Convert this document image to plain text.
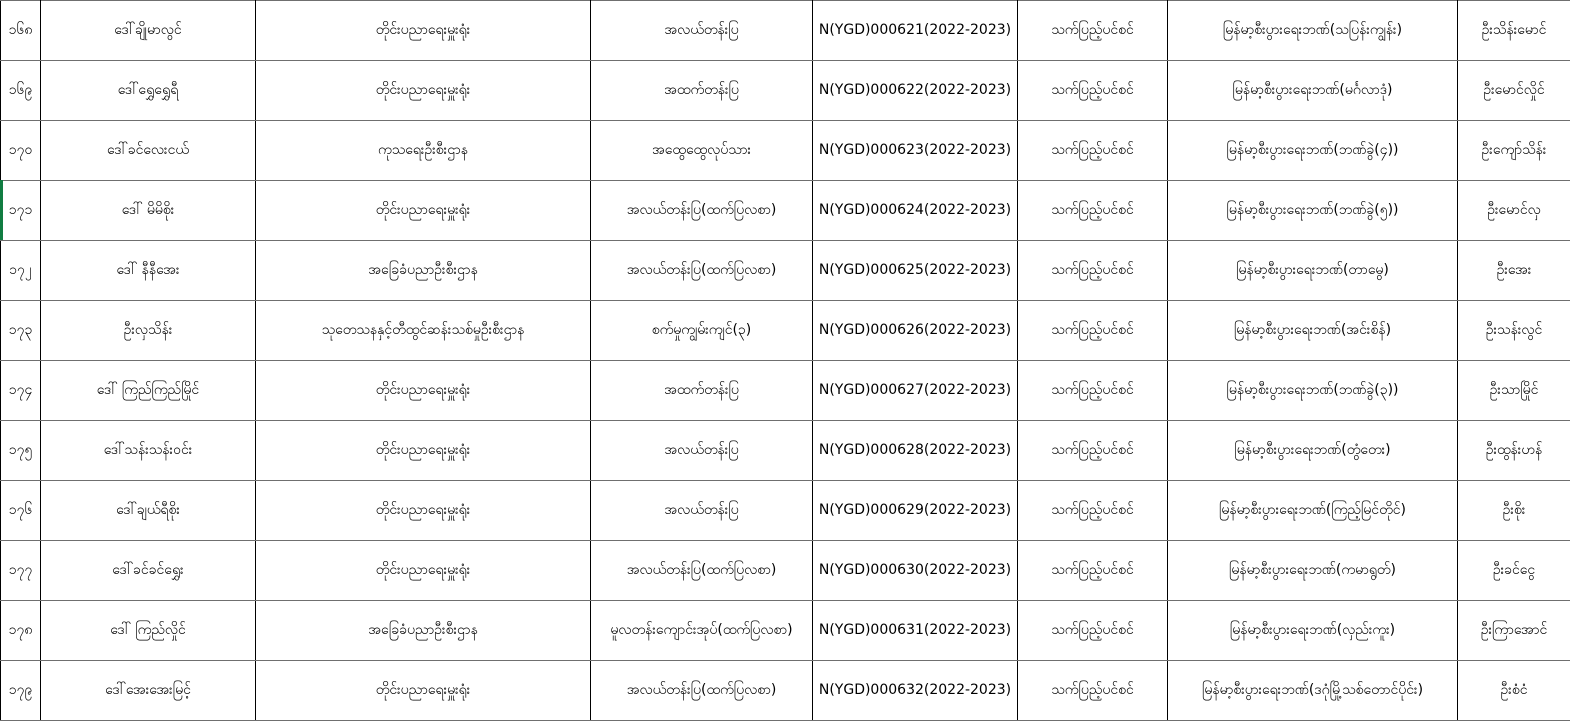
၁၆၈	ဒေါ်ချိုမာလွင်	တိုင်းပညာရေးမှူးရုံး	အလယ်တန်းပြ	N(YGD)000621(2022-2023)	သက်ပြည့်ပင်စင်	မြန်မာ့စီးပွားရေးဘဏ်(သပြန်းကျွန်း)	ဦးသိန်းမောင်
၁၆၉	ဒေါ်ရွှေရွှေရီ	တိုင်းပညာရေးမှူးရုံး	အထက်တန်းပြ	N(YGD)000622(2022-2023)	သက်ပြည့်ပင်စင်	မြန်မာ့စီးပွားရေးဘဏ်(မင်္ဂလာဒုံ)	ဦးမောင်လှိုင်
၁၇၀	ဒေါ်ခင်လေးငယ်	ကုသရေးဦးစီးဌာန	အထွေထွေလုပ်သား	N(YGD)000623(2022-2023)	သက်ပြည့်ပင်စင်	မြန်မာ့စီးပွားရေးဘဏ်(ဘဏ်ခွဲ(၄))	ဦးကျော်သိန်း
၁၇၁	ဒေါ် မိမိစိုး	တိုင်းပညာရေးမှူးရုံး	အလယ်တန်းပြ(ထက်ပြလစာ)	N(YGD)000624(2022-2023)	သက်ပြည့်ပင်စင်	မြန်မာ့စီးပွားရေးဘဏ်(ဘဏ်ခွဲ(၅))	ဦးမောင်လှ
၁၇၂	ဒေါ် နီနီအေး	အခြေခံပညာဦးစီးဌာန	အလယ်တန်းပြ(ထက်ပြလစာ)	N(YGD)000625(2022-2023)	သက်ပြည့်ပင်စင်	မြန်မာ့စီးပွားရေးဘဏ်(တာမွေ)	ဦးအေး
၁၇၃	ဦးလှသိန်း	သုတေသနနှင့်တီထွင်ဆန်းသစ်မှုဦးစီးဌာန	စက်မှုကျွမ်းကျင်(၃)	N(YGD)000626(2022-2023)	သက်ပြည့်ပင်စင်	မြန်မာ့စီးပွားရေးဘဏ်(အင်းစိန်)	ဦးသန်းလွင်
၁၇၄	ဒေါ် ကြည်ကြည်မြိုင်	တိုင်းပညာရေးမှူးရုံး	အထက်တန်းပြ	N(YGD)000627(2022-2023)	သက်ပြည့်ပင်စင်	မြန်မာ့စီးပွားရေးဘဏ်(ဘဏ်ခွဲ(၃))	ဦးသာမြိုင်
၁၇၅	ဒေါ်သန်းသန်းဝင်း	တိုင်းပညာရေးမှူးရုံး	အလယ်တန်းပြ	N(YGD)000628(2022-2023)	သက်ပြည့်ပင်စင်	မြန်မာ့စီးပွားရေးဘဏ်(တွံတေး)	ဦးထွန်းဟန်
၁၇၆	ဒေါ်ချယ်ရီစိုး	တိုင်းပညာရေးမှူးရုံး	အလယ်တန်းပြ	N(YGD)000629(2022-2023)	သက်ပြည့်ပင်စင်	မြန်မာ့စီးပွားရေးဘဏ်(ကြည့်မြင်တိုင်)	ဦးစိုး
၁၇၇	ဒေါ်ခင်ခင်ရွှေး	တိုင်းပညာရေးမှူးရုံး	အလယ်တန်းပြ(ထက်ပြလစာ)	N(YGD)000630(2022-2023)	သက်ပြည့်ပင်စင်	မြန်မာ့စီးပွားရေးဘဏ်(ကမာရွတ်)	ဦးခင်ငွေ
၁၇၈	ဒေါ် ကြည်လှိုင်	အခြေခံပညာဦးစီးဌာန	မူလတန်းကျောင်းအုပ်(ထက်ပြလစာ)	N(YGD)000631(2022-2023)	သက်ပြည့်ပင်စင်	မြန်မာ့စီးပွားရေးဘဏ်(လှည်းကူး)	ဦးကြာအောင်
၁၇၉	ဒေါ်အေးအေးမြင့်	တိုင်းပညာရေးမှူးရုံး	အလယ်တန်းပြ(ထက်ပြလစာ)	N(YGD)000632(2022-2023)	သက်ပြည့်ပင်စင်	မြန်မာ့စီးပွားရေးဘဏ်(ဒဂုံမြို့သစ်တောင်ပိုင်း)	ဦးစံငံ
